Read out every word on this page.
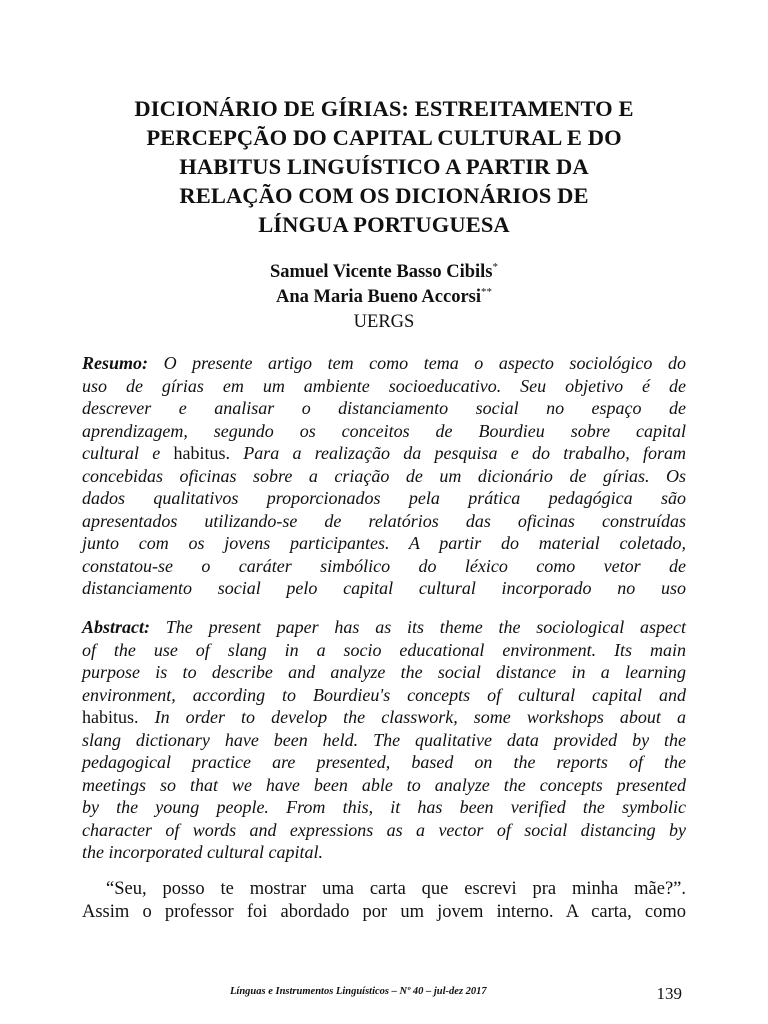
DICIONÁRIO DE GÍRIAS: ESTREITAMENTO E
PERCEPÇÃO DO CAPITAL CULTURAL E DO
HABITUS LINGUÍSTICO A PARTIR DA
RELAÇÃO COM OS DICIONÁRIOS DE
LÍNGUA PORTUGUESA
Samuel Vicente Basso Cibils*
Ana Maria Bueno Accorsi**
UERGS
Resumo: O presente artigo tem como tema o aspecto sociológico do
uso de gírias em um ambiente socioeducativo. Seu objetivo é de
descrever e analisar o distanciamento social no espaço de
aprendizagem, segundo os conceitos de Bourdieu sobre capital
cultural e habitus. Para a realização da pesquisa e do trabalho, foram
concebidas oficinas sobre a criação de um dicionário de gírias. Os
dados qualitativos proporcionados pela prática pedagógica são
apresentados utilizando-se de relatórios das oficinas construídas
junto com os jovens participantes. A partir do material coletado,
constatou-se o caráter simbólico do léxico como vetor de
distanciamento social pelo capital cultural incorporado no uso
Abstract: The present paper has as its theme the sociological aspect
of the use of slang in a socio educational environment. Its main
purpose is to describe and analyze the social distance in a learning
environment, according to Bourdieu's concepts of cultural capital and
habitus. In order to develop the classwork, some workshops about a
slang dictionary have been held. The qualitative data provided by the
pedagogical practice are presented, based on the reports of the
meetings so that we have been able to analyze the concepts presented
by the young people. From this, it has been verified the symbolic
character of words and expressions as a vector of social distancing by
the incorporated cultural capital.
“Seu, posso te mostrar uma carta que escrevi pra minha mãe?”.
Assim o professor foi abordado por um jovem interno. A carta, como
Línguas e Instrumentos Linguísticos – Nº 40 – jul-dez 2017	139
